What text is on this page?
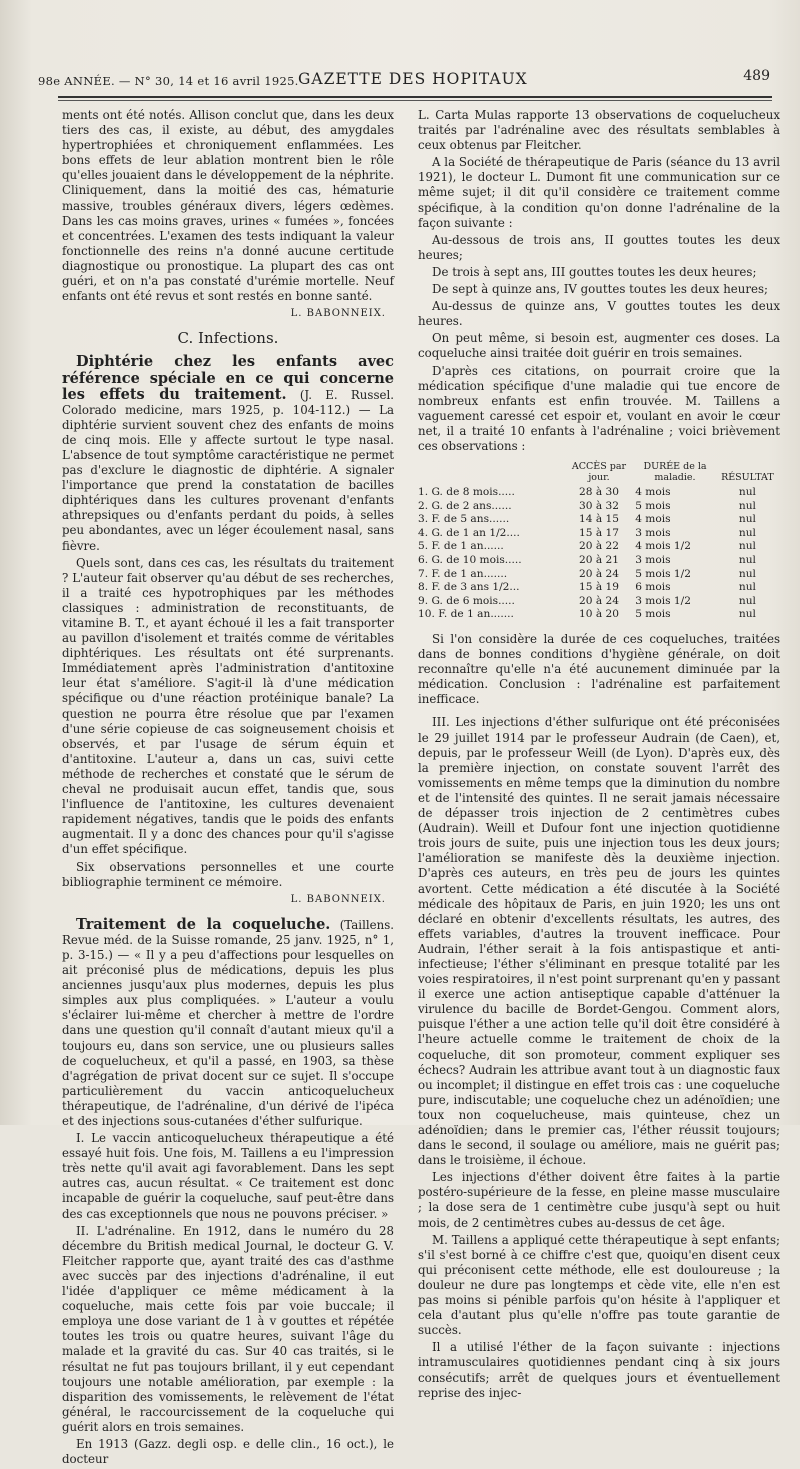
98e ANNÉE. — N° 30, 14 et 16 avril 1925. GAZETTE DES HOPITAUX	489

ments ont été notés. Allison conclut que, dans les deux tiers des cas, il existe, au début, des amygdales hypertrophiées et chroniquement enflammées. Les bons effets de leur ablation montrent bien le rôle qu'elles jouaient dans le développement de la néphrite. Cliniquement, dans la moitié des cas, hématurie massive, troubles généraux divers, légers œdèmes. Dans les cas moins graves, urines « fumées », foncées et concentrées. L'examen des tests indiquant la valeur fonctionnelle des reins n'a donné aucune certitude diagnostique ou pronostique. La plupart des cas ont guéri, et on n'a pas constaté d'urémie mortelle. Neuf enfants ont été revus et sont restés en bonne santé.

L. BABONNEIX.
C. Infections.

Diphtérie chez les enfants avec référence spéciale en ce qui concerne les effets du traitement. (J. E. Russel. Colorado medicine, mars 1925, p. 104-112.) — La diphtérie survient souvent chez des enfants de moins de cinq mois. Elle y affecte surtout le type nasal. L'absence de tout symptôme caractéristique ne permet pas d'exclure le diagnostic de diphtérie. A signaler l'importance que prend la constatation de bacilles diphtériques dans les cultures provenant d'enfants athrepsiques ou d'enfants perdant du poids, à selles peu abondantes, avec un léger écoulement nasal, sans fièvre.

Quels sont, dans ces cas, les résultats du traitement ? L'auteur fait observer qu'au début de ses recherches, il a traité ces hypotrophiques par les méthodes classiques : administration de reconstituants, de vitamine B. T., et ayant échoué il les a fait transporter au pavillon d'isolement et traités comme de véritables diphtériques. Les résultats ont été surprenants. Immédiatement après l'administration d'antitoxine leur état s'améliore. S'agit-il là d'une médication spécifique ou d'une réaction protéinique banale? La question ne pourra être résolue que par l'examen d'une série copieuse de cas soigneusement choisis et observés, et par l'usage de sérum équin et d'antitoxine. L'auteur a, dans un cas, suivi cette méthode de recherches et constaté que le sérum de cheval ne produisait aucun effet, tandis que, sous l'influence de l'antitoxine, les cultures devenaient rapidement négatives, tandis que le poids des enfants augmentait. Il y a donc des chances pour qu'il s'agisse d'un effet spécifique.

Six observations personnelles et une courte bibliographie terminent ce mémoire.

L. BABONNEIX.

Traitement de la coqueluche. (Taillens. Revue méd. de la Suisse romande, 25 janv. 1925, n° 1, p. 3-15.) — « Il y a peu d'affections pour lesquelles on ait préconisé plus de médications, depuis les plus anciennes jusqu'aux plus modernes, depuis les plus simples aux plus compliquées. » L'auteur a voulu s'éclairer lui-même et chercher à mettre de l'ordre dans une question qu'il connaît d'autant mieux qu'il a toujours eu, dans son service, une ou plusieurs salles de coquelucheux, et qu'il a passé, en 1903, sa thèse d'agrégation de privat docent sur ce sujet. Il s'occupe particulièrement du vaccin anticoquelucheux thérapeutique, de l'adrénaline, d'un dérivé de l'ipéca et des injections sous-cutanées d'éther sulfurique.

I. Le vaccin anticoquelucheux thérapeutique a été essayé huit fois. Une fois, M. Taillens a eu l'impression très nette qu'il avait agi favorablement. Dans les sept autres cas, aucun résultat. « Ce traitement est donc incapable de guérir la coqueluche, sauf peut-être dans des cas exceptionnels que nous ne pouvons préciser. »

II. L'adrénaline. En 1912, dans le numéro du 28 décembre du British medical Journal, le docteur G. V. Fleitcher rapporte que, ayant traité des cas d'asthme avec succès par des injections d'adrénaline, il eut l'idée d'appliquer ce même médicament à la coqueluche, mais cette fois par voie buccale; il employa une dose variant de 1 à v gouttes et répétée toutes les trois ou quatre heures, suivant l'âge du malade et la gravité du cas. Sur 40 cas traités, si le résultat ne fut pas toujours brillant, il y eut cependant toujours une notable amélioration, par exemple : la disparition des vomissements, le relèvement de l'état général, le raccourcissement de la coqueluche qui guérit alors en trois semaines.

En 1913 (Gazz. degli osp. e delle clin., 16 oct.), le docteur

L. Carta Mulas rapporte 13 observations de coquelucheux traités par l'adrénaline avec des résultats semblables à ceux obtenus par Fleitcher.

A la Société de thérapeutique de Paris (séance du 13 avril 1921), le docteur L. Dumont fit une communication sur ce même sujet; il dit qu'il considère ce traitement comme spécifique, à la condition qu'on donne l'adrénaline de la façon suivante :

Au-dessous de trois ans, II gouttes toutes les deux heures;

De trois à sept ans, III gouttes toutes les deux heures;

De sept à quinze ans, IV gouttes toutes les deux heures;

Au-dessus de quinze ans, V gouttes toutes les deux heures.

On peut même, si besoin est, augmenter ces doses. La coqueluche ainsi traitée doit guérir en trois semaines.

D'après ces citations, on pourrait croire que la médication spécifique d'une maladie qui tue encore de nombreux enfants est enfin trouvée. M. Taillens a vaguement caressé cet espoir et, voulant en avoir le cœur net, il a traité 10 enfants à l'adrénaline ; voici brièvement ces observations :

	ACCÈS par jour.	DURÉE de la maladie.	RÉSULTAT
1. G. de 8 mois.....	28 à 30	4 mois	nul
2. G. de 2 ans......	30 à 32	5 mois	nul
3. F. de 5 ans......	14 à 15	4 mois	nul
4. G. de 1 an 1/2....	15 à 17	3 mois	nul
5. F. de 1 an......	20 à 22	4 mois 1/2	nul
6. G. de 10 mois.....	20 à 21	3 mois	nul
7. F. de 1 an.......	20 à 24	5 mois 1/2	nul
8. F. de 3 ans 1/2...	15 à 19	6 mois	nul
9. G. de 6 mois.....	20 à 24	3 mois 1/2	nul
10. F. de 1 an.......	10 à 20	5 mois	nul

Si l'on considère la durée de ces coqueluches, traitées dans de bonnes conditions d'hygiène générale, on doit reconnaître qu'elle n'a été aucunement diminuée par la médication. Conclusion : l'adrénaline est parfaitement inefficace.

III. Les injections d'éther sulfurique ont été préconisées le 29 juillet 1914 par le professeur Audrain (de Caen), et, depuis, par le professeur Weill (de Lyon). D'après eux, dès la première injection, on constate souvent l'arrêt des vomissements en même temps que la diminution du nombre et de l'intensité des quintes. Il ne serait jamais nécessaire de dépasser trois injection de 2 centimètres cubes (Audrain). Weill et Dufour font une injection quotidienne trois jours de suite, puis une injection tous les deux jours; l'amélioration se manifeste dès la deuxième injection. D'après ces auteurs, en très peu de jours les quintes avortent. Cette médication a été discutée à la Société médicale des hôpitaux de Paris, en juin 1920; les uns ont déclaré en obtenir d'excellents résultats, les autres, des effets variables, d'autres la trouvent inefficace. Pour Audrain, l'éther serait à la fois antispastique et anti-infectieuse; l'éther s'éliminant en presque totalité par les voies respiratoires, il n'est point surprenant qu'en y passant il exerce une action antiseptique capable d'atténuer la virulence du bacille de Bordet-Gengou. Comment alors, puisque l'éther a une action telle qu'il doit être considéré à l'heure actuelle comme le traitement de choix de la coqueluche, dit son promoteur, comment expliquer ses échecs? Audrain les attribue avant tout à un diagnostic faux ou incomplet; il distingue en effet trois cas : une coqueluche pure, indiscutable; une coqueluche chez un adénoïdien; une toux non coquelucheuse, mais quinteuse, chez un adénoïdien; dans le premier cas, l'éther réussit toujours; dans le second, il soulage ou améliore, mais ne guérit pas; dans le troisième, il échoue.

Les injections d'éther doivent être faites à la partie postéro-supérieure de la fesse, en pleine masse musculaire ; la dose sera de 1 centimètre cube jusqu'à sept ou huit mois, de 2 centimètres cubes au-dessus de cet âge.

M. Taillens a appliqué cette thérapeutique à sept enfants; s'il s'est borné à ce chiffre c'est que, quoiqu'en disent ceux qui préconisent cette méthode, elle est douloureuse ; la douleur ne dure pas longtemps et cède vite, elle n'en est pas moins si pénible parfois qu'on hésite à l'appliquer et cela d'autant plus qu'elle n'offre pas toute garantie de succès.

Il a utilisé l'éther de la façon suivante : injections intramusculaires quotidiennes pendant cinq à six jours consécutifs; arrêt de quelques jours et éventuellement reprise des injec-
